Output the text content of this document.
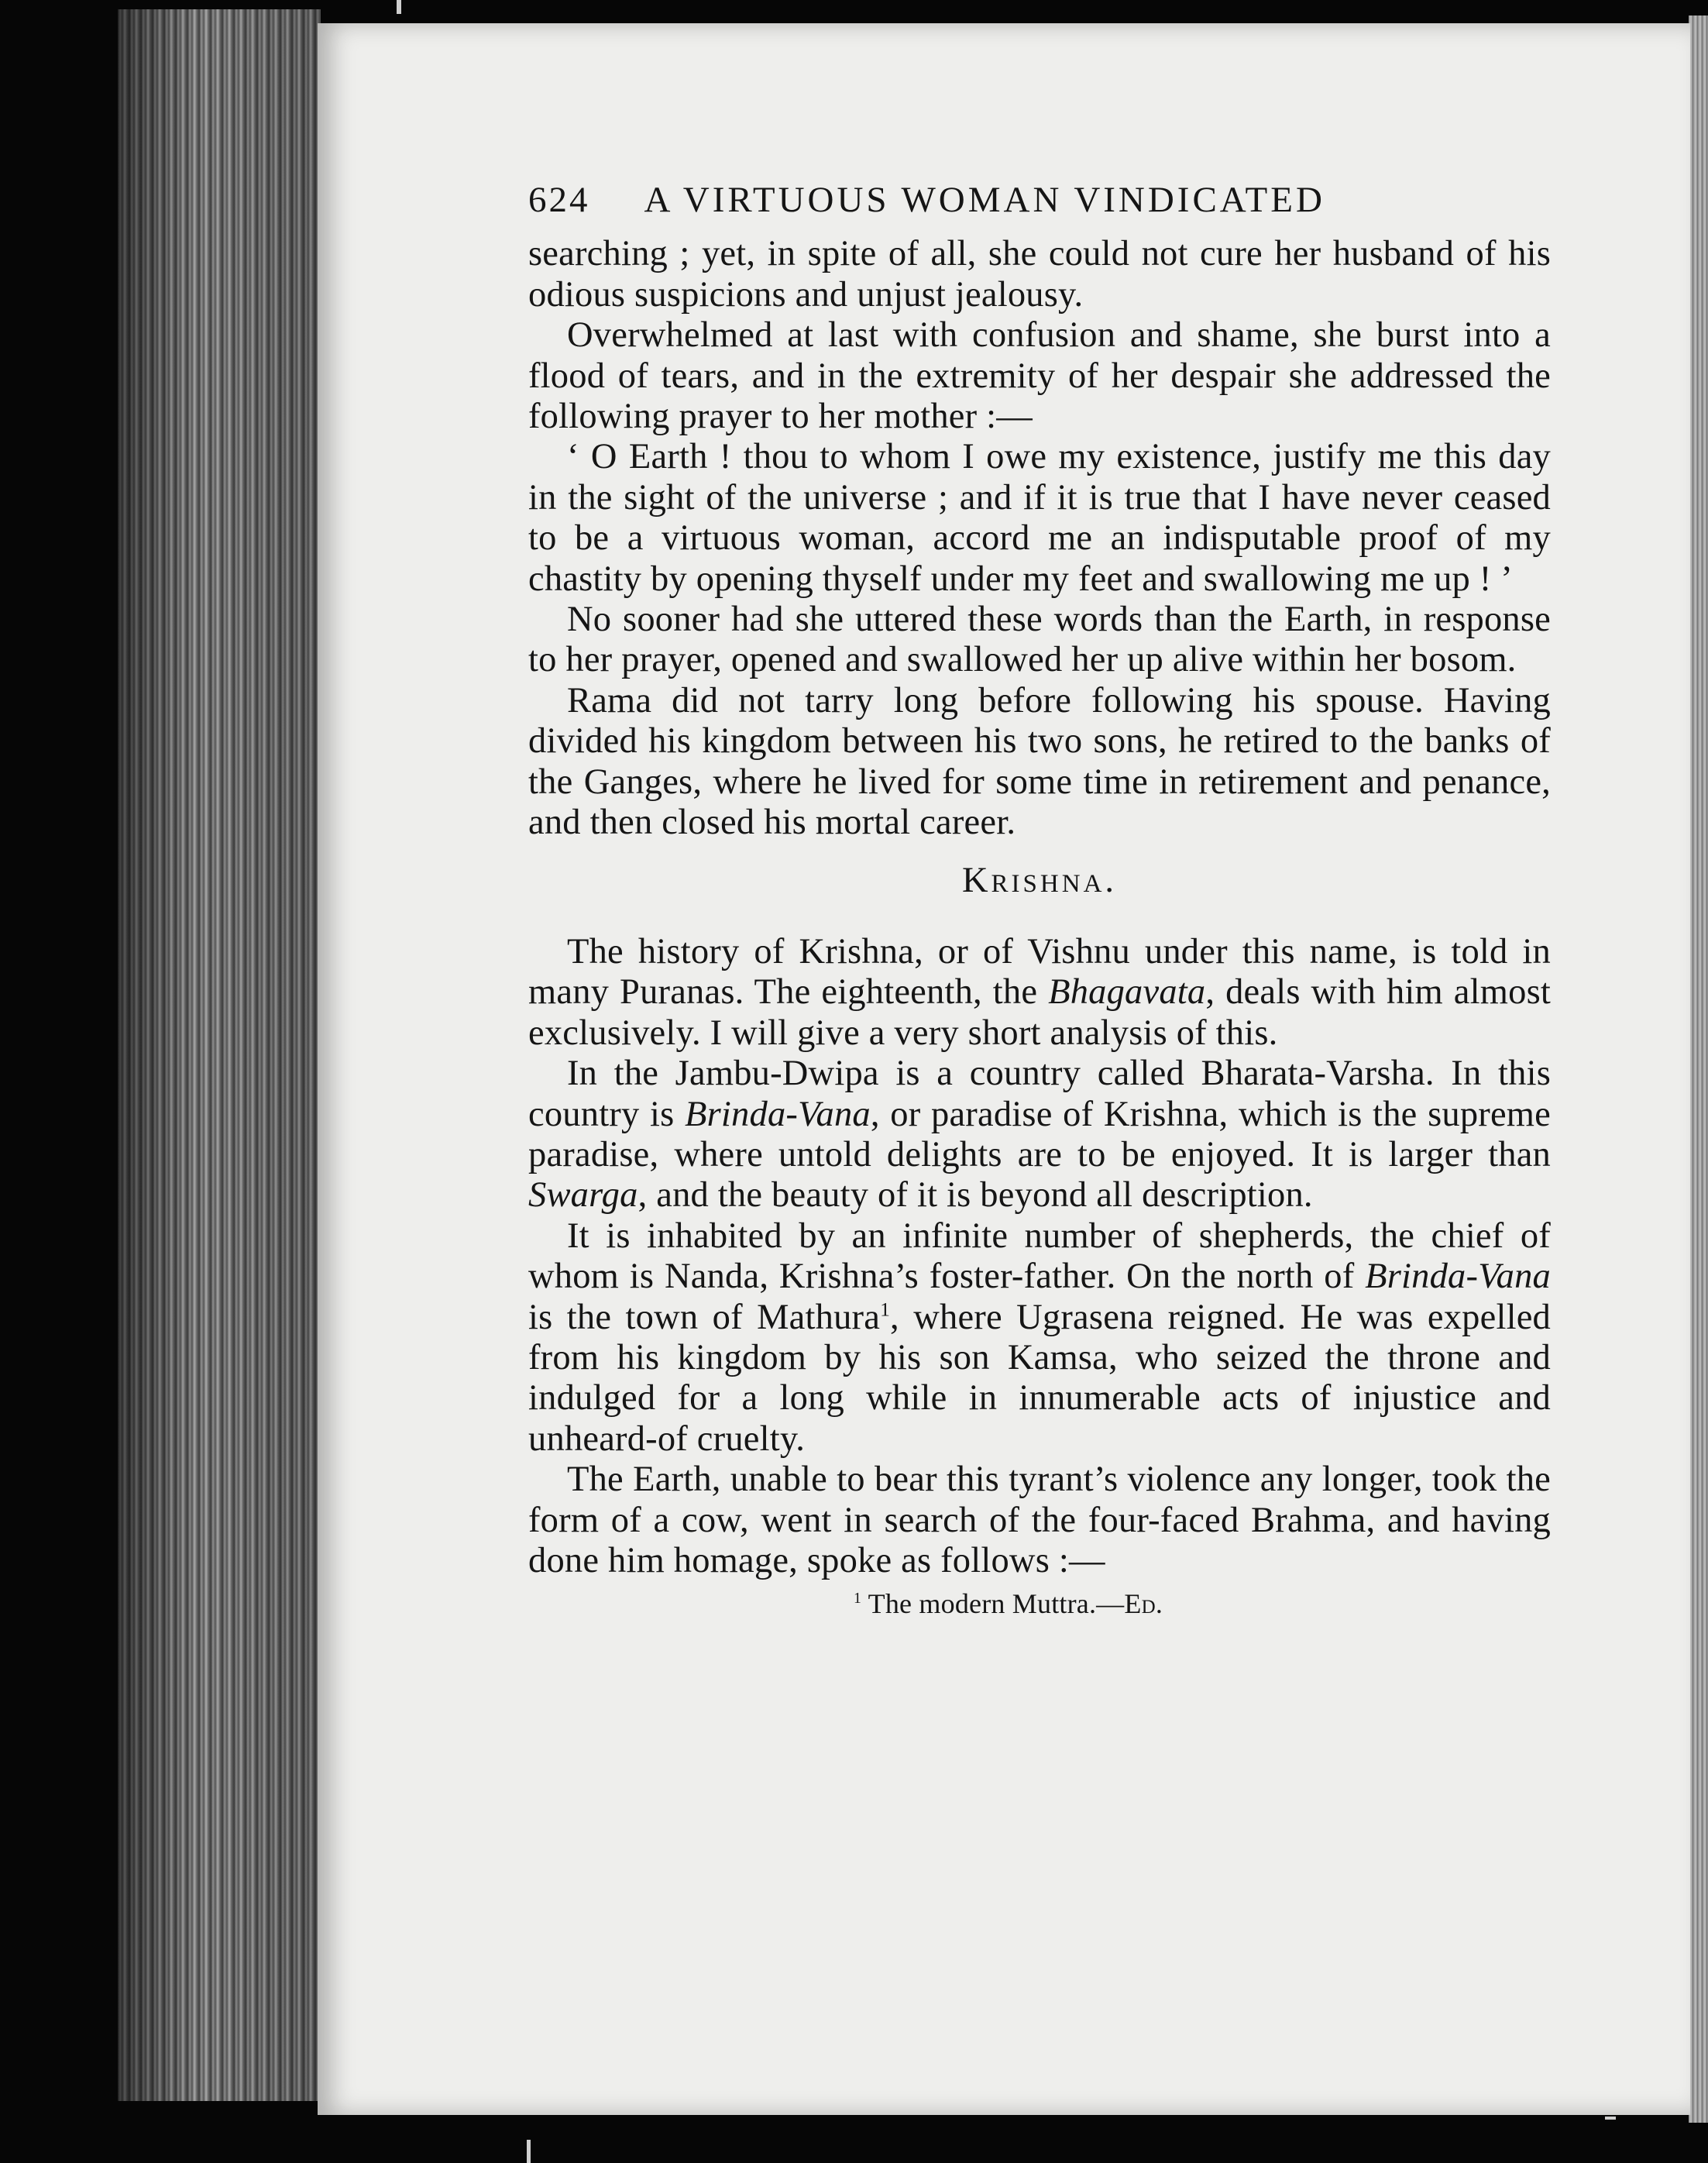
624 A VIRTUOUS WOMAN VINDICATED

searching ; yet, in spite of all, she could not cure her husband of his odious suspicions and unjust jealousy.

Overwhelmed at last with confusion and shame, she burst into a flood of tears, and in the extremity of her despair she addressed the following prayer to her mother :—

‘ O Earth ! thou to whom I owe my existence, justify me this day in the sight of the universe ; and if it is true that I have never ceased to be a virtuous woman, accord me an indisputable proof of my chastity by opening thyself under my feet and swallowing me up ! ’

No sooner had she uttered these words than the Earth, in response to her prayer, opened and swallowed her up alive within her bosom.

Rama did not tarry long before following his spouse. Having divided his kingdom between his two sons, he retired to the banks of the Ganges, where he lived for some time in retirement and penance, and then closed his mortal career.

Krishna.

The history of Krishna, or of Vishnu under this name, is told in many Puranas. The eighteenth, the Bhagavata, deals with him almost exclusively. I will give a very short analysis of this.

In the Jambu-Dwipa is a country called Bharata-Varsha. In this country is Brinda-Vana, or paradise of Krishna, which is the supreme paradise, where untold delights are to be enjoyed. It is larger than Swarga, and the beauty of it is beyond all description.

It is inhabited by an infinite number of shepherds, the chief of whom is Nanda, Krishna’s foster-father. On the north of Brinda-Vana is the town of Mathura$^1$, where Ugrasena reigned. He was expelled from his kingdom by his son Kamsa, who seized the throne and indulged for a long while in innumerable acts of injustice and unheard-of cruelty.

The Earth, unable to bear this tyrant’s violence any longer, took the form of a cow, went in search of the four-faced Brahma, and having done him homage, spoke as follows :—

$^1$ The modern Muttra.—Ed.
